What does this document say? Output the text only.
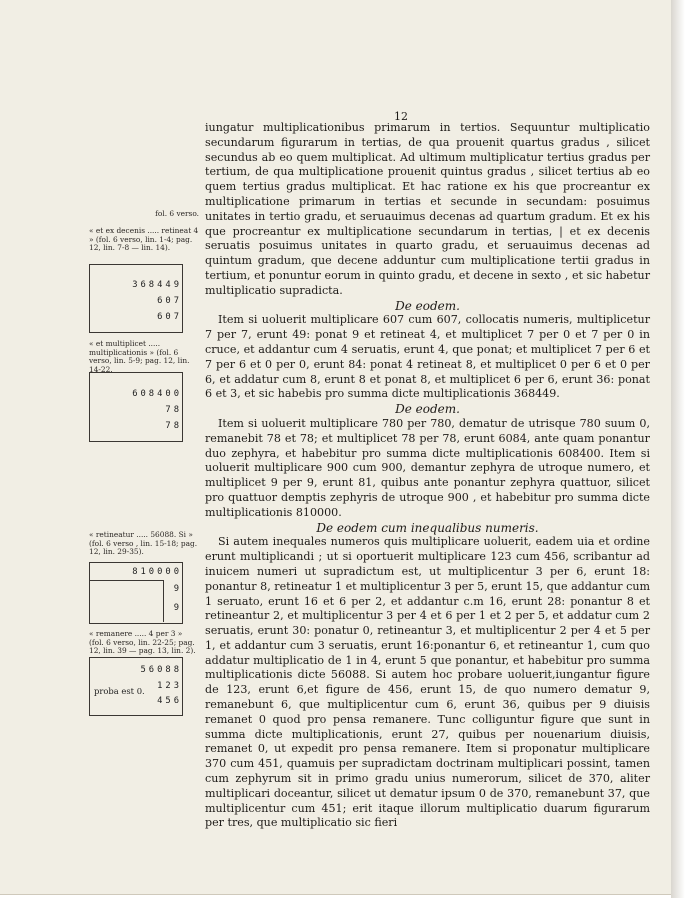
12

iungatur multiplicationibus primarum in tertios. Sequuntur multiplicatio secundarum figurarum in tertias, de qua prouenit quartus gradus , silicet secundus ab eo quem multiplicat. Ad ultimum multiplicatur tertius gradus per tertium, de qua multiplicatione prouenit quintus gradus , silicet tertius ab eo quem tertius gradus multiplicat. Et hac ratione ex his que procreantur ex multiplicatione primarum in tertias et secunde in secundam: posuimus unitates in tertio gradu, et seruauimus decenas ad quartum gradum. Et ex his que procreantur ex multiplicatione secundarum in tertias, | et ex decenis seruatis posuimus unitates in quarto gradu, et seruauimus decenas ad quintum gradum, que decene adduntur cum multiplicatione tertii gradus in tertium, et ponuntur eorum in quinto gradu, et decene in sexto , et sic habetur multiplicatio supradicta.

De eodem.

Item si uoluerit multiplicare 607 cum 607, collocatis numeris, multiplicetur 7 per 7, erunt 49: ponat 9 et retineat 4, et multiplicet 7 per 0 et 7 per 0 in cruce, et addantur cum 4 seruatis, erunt 4, que ponat; et multiplicet 7 per 6 et 7 per 6 et 0 per 0, erunt 84: ponat 4 retineat 8, et multiplicet 0 per 6 et 0 per 6, et addatur cum 8, erunt 8 et ponat 8, et multiplicet 6 per 6, erunt 36: ponat 6 et 3, et sic habebis pro summa dicte multiplicationis 368449.

De eodem.

Item si uoluerit multiplicare 780 per 780, dematur de utrisque 780 suum 0, remanebit 78 et 78; et multiplicet 78 per 78, erunt 6084, ante quam ponantur duo zephyra, et habebitur pro summa dicte multiplicationis 608400. Item si uoluerit multiplicare 900 cum 900, demantur zephyra de utroque numero, et multiplicet 9 per 9, erunt 81, quibus ante ponantur zephyra quattuor, silicet pro quattuor demptis zephyris de utroque 900 , et habebitur pro summa dicte multiplicationis 810000.

De eodem cum inequalibus numeris.

Si autem inequales numeros quis multiplicare uoluerit, eadem uia et ordine erunt multiplicandi ; ut si oportuerit multiplicare 123 cum 456, scribantur ad inuicem numeri ut supradictum est, ut multiplicentur 3 per 6, erunt 18: ponantur 8, retineatur 1 et multiplicentur 3 per 5, erunt 15, que addantur cum 1 seruato, erunt 16 et 6 per 2, et addantur c.m 16, erunt 28: ponantur 8 et retineantur 2, et multiplicentur 3 per 4 et 6 per 1 et 2 per 5, et addatur cum 2 seruatis, erunt 30: ponatur 0, retineantur 3, et multiplicentur 2 per 4 et 5 per 1, et addantur cum 3 seruatis, erunt 16:ponantur 6, et retineantur 1, cum quo addatur multiplicatio de 1 in 4, erunt 5 que ponantur, et habebitur pro summa multiplicationis dicte 56088. Si autem hoc probare uoluerit,iungantur figure de 123, erunt 6,et figure de 456, erunt 15, de quo numero dematur 9, remanebunt 6, que multiplicentur cum 6, erunt 36, quibus per 9 diuisis remanet 0 quod pro pensa remanere. Tunc colliguntur figure que sunt in summa dicte multiplicationis, erunt 27, quibus per nouenarium diuisis, remanet 0, ut expedit pro pensa remanere. Item si proponatur multiplicare 370 cum 451, quamuis per supradictam doctrinam multiplicari possint, tamen cum zephyrum sit in primo gradu unius numerorum, silicet de 370, aliter multiplicari doceantur, silicet ut dematur ipsum 0 de 370, remanebunt 37, que multiplicentur cum 451; erit itaque illorum multiplicatio duarum figurarum per tres, que multiplicatio sic fieri

fol. 6 verso.
« et ex decenis ..... retineat 4 » (fol. 6 verso, lin. 1-4; pag. 12, lin. 7-8 — lin. 14).
« et multiplicet ..... multiplicationis » (fol. 6 verso, lin. 5-9; pag. 12, lin. 14-22.
« retineatur ..... 56088. Si » (fol. 6 verso , lin. 15-18; pag. 12, lin. 29-35).
« remanere ..... 4 per 3 » (fol. 6 verso, lin. 22-25; pag. 12, lin. 39 — pag. 13, lin. 2).
368449
607
607
608400
78
78
810000
9
9
56088
123
456
proba est 0.
